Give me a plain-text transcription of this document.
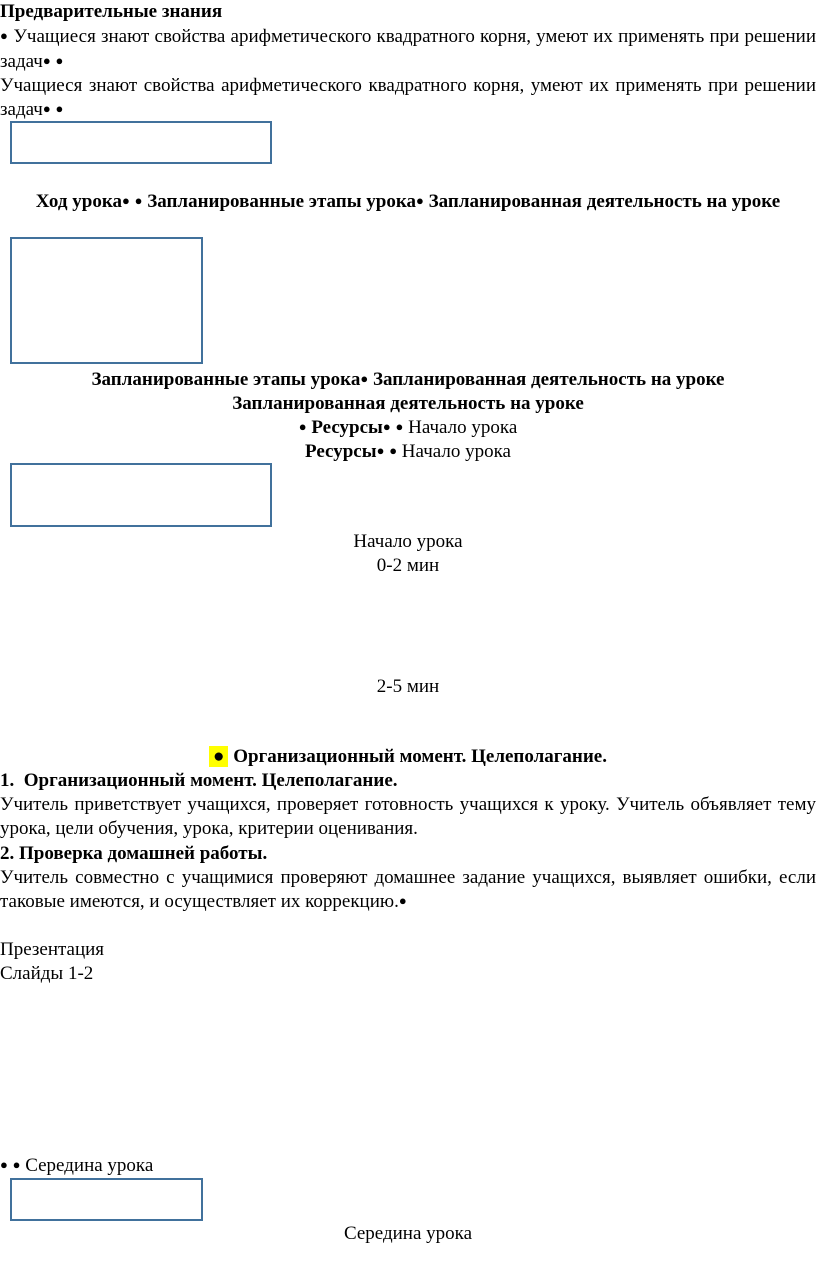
Предварительные знания
● Учащиеся знают свойства арифметического квадратного корня, умеют их применять при решении задач● ●
Учащиеся знают свойства арифметического квадратного корня, умеют их применять при решении задач● ●
Ход урока● ● Запланированные этапы урока● Запланированная деятельность на уроке
Запланированные этапы урока● Запланированная деятельность на уроке
Запланированная деятельность на уроке
● Ресурсы● ● Начало урока
Ресурсы● ● Начало урока
Начало урока
0-2 мин
2-5 мин
● Организационный момент. Целеполагание.
1. Организационный момент. Целеполагание.
Учитель приветствует учащихся, проверяет готовность учащихся к уроку. Учитель объявляет тему урока, цели обучения, урока, критерии оценивания.
2. Проверка домашней работы.
Учитель совместно с учащимися проверяют домашнее задание учащихся, выявляет ошибки, если таковые имеются, и осуществляет их коррекцию.●
Презентация
Слайды 1-2
● ● Середина урока
Середина урока
